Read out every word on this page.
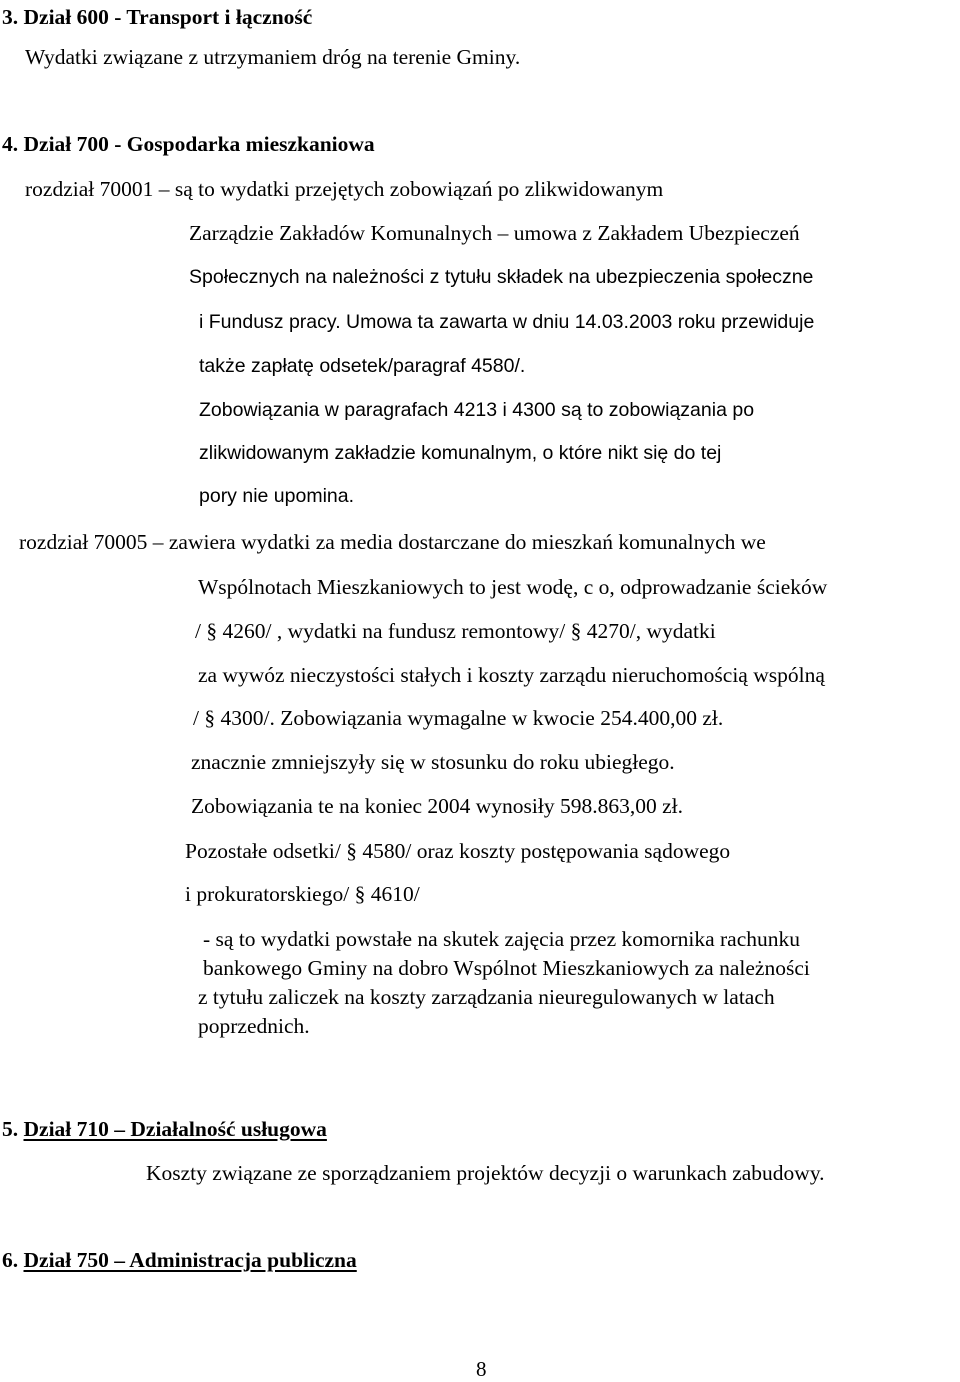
3. Dział 600 - Transport i łączność
Wydatki związane z utrzymaniem dróg na terenie Gminy.
4. Dział 700 - Gospodarka mieszkaniowa
rozdział 70001 – są to wydatki przejętych zobowiązań po zlikwidowanym
Zarządzie Zakładów Komunalnych – umowa z Zakładem Ubezpieczeń
Społecznych na należności z tytułu składek na ubezpieczenia społeczne
i Fundusz pracy. Umowa ta zawarta w dniu 14.03.2003 roku przewiduje
także zapłatę odsetek/paragraf 4580/.
Zobowiązania w paragrafach 4213 i 4300 są to zobowiązania po
zlikwidowanym zakładzie komunalnym, o które nikt się do tej
pory nie upomina.
rozdział 70005 – zawiera wydatki za media dostarczane do mieszkań komunalnych we
Wspólnotach Mieszkaniowych to jest wodę, c o, odprowadzanie ścieków
/ § 4260/ , wydatki na fundusz remontowy/ § 4270/, wydatki
za wywóz nieczystości stałych i koszty zarządu nieruchomością wspólną
/ § 4300/. Zobowiązania wymagalne w kwocie 254.400,00 zł.
znacznie zmniejszyły się w stosunku do roku ubiegłego.
Zobowiązania te na koniec 2004 wynosiły 598.863,00 zł.
Pozostałe odsetki/ § 4580/ oraz koszty postępowania sądowego
i prokuratorskiego/ § 4610/
- są to wydatki powstałe na skutek zajęcia przez komornika rachunku
bankowego Gminy na dobro Wspólnot Mieszkaniowych za należności
z tytułu zaliczek na koszty zarządzania nieuregulowanych w latach
poprzednich.
5. Dział 710 – Działalność usługowa
Koszty związane ze sporządzaniem projektów decyzji o warunkach zabudowy.
6. Dział 750 – Administracja publiczna
8
